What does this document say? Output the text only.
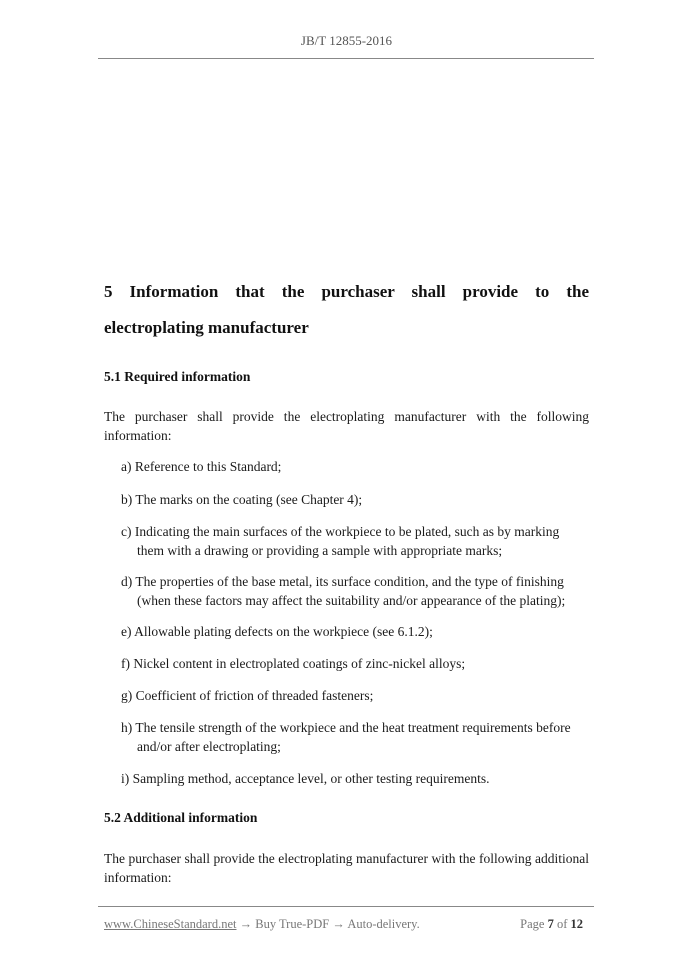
JB/T 12855-2016
5 Information that the purchaser shall provide to the
electroplating manufacturer
5.1 Required information
The purchaser shall provide the electroplating manufacturer with the following information:
a) Reference to this Standard;
b) The marks on the coating (see Chapter 4);
c) Indicating the main surfaces of the workpiece to be plated, such as by marking them with a drawing or providing a sample with appropriate marks;
d) The properties of the base metal, its surface condition, and the type of finishing (when these factors may affect the suitability and/or appearance of the plating);
e) Allowable plating defects on the workpiece (see 6.1.2);
f) Nickel content in electroplated coatings of zinc-nickel alloys;
g) Coefficient of friction of threaded fasteners;
h) The tensile strength of the workpiece and the heat treatment requirements before and/or after electroplating;
i) Sampling method, acceptance level, or other testing requirements.
5.2 Additional information
The purchaser shall provide the electroplating manufacturer with the following additional information:
www.ChineseStandard.net → Buy True-PDF → Auto-delivery.	Page 7 of 12
